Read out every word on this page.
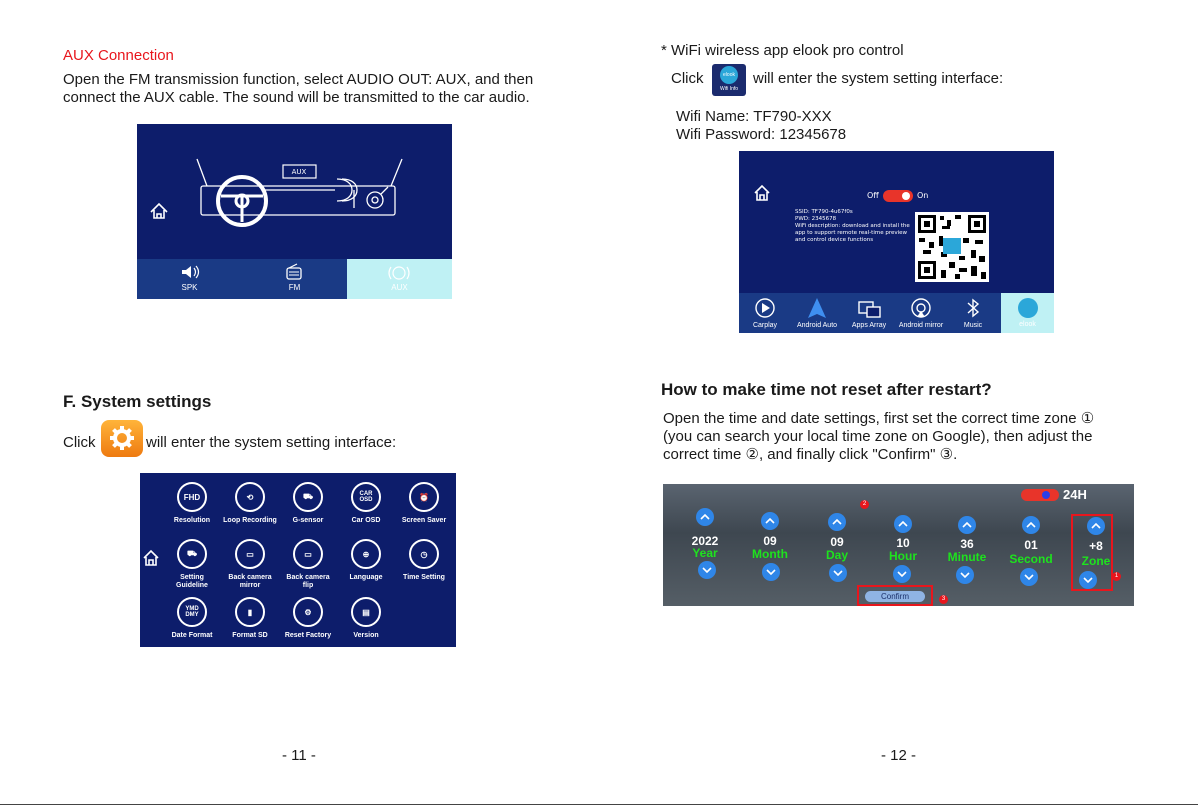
AUX Connection
Open the FM transmission function, select AUDIO OUT: AUX, and then connect the AUX cable. The sound will be transmitted to the car audio.
AUX
SPK	FM	AUX
F. System settings
Click	will enter the system setting interface:
FHD
Resolution
⟲
Loop Recording
⛟
G-sensor
CAR OSD
Car OSD
⏰
Screen Saver
⛟
Setting
Guideline
▭
Back camera
mirror
▭
Back camera
flip
⊕
Language
◷
Time Setting
YMD DMY
Date Format
▮
Format SD
⚙
Reset Factory
▤
Version
- 11 -
* WiFi wireless app elook pro control
Click	elook
Wifi Info
will enter the system setting interface:
Wifi Name: TF790-XXX
Wifi Password: 12345678
Off	On
SSID: TF790-4u67f0s
PWD: 2345678
WiFi description: download and install the app to support remote real-time preview and control device functions
Carplay	Android Auto	Apps Array	Android mirror	Music	elook
How to make time not reset after restart?
Open the time and date settings, first set the correct time zone ① (you can search your local time zone on Google), then adjust the correct time ②, and finally click "Confirm" ③.
24H
2
2022	09	09	10	36	01	+8
Year	Month	Day	Hour	Minute	Second	Zone
1
Confirm	3
- 12 -
